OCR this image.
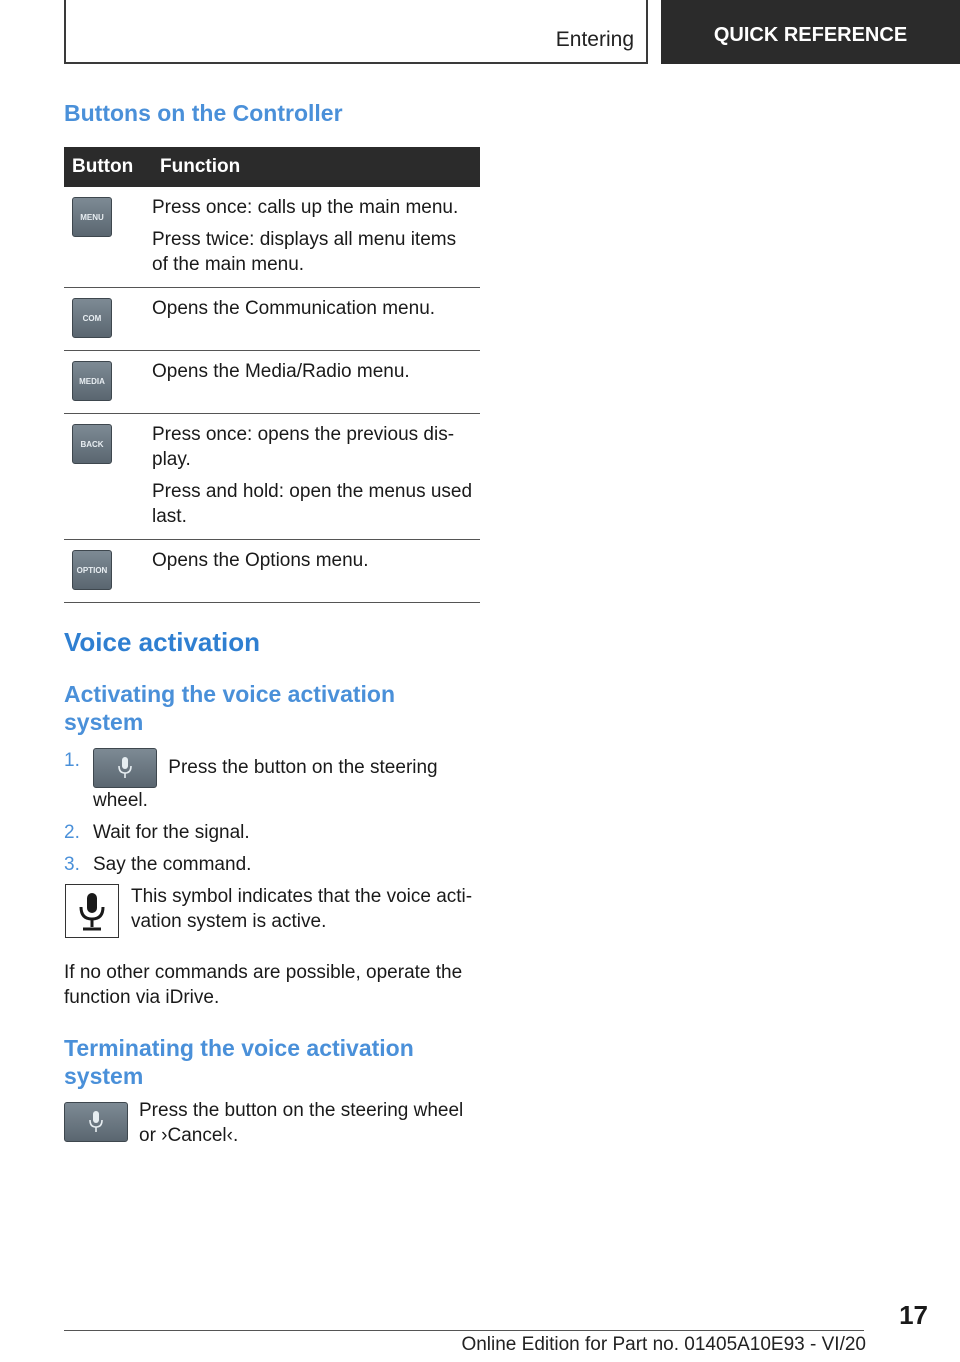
Entering	QUICK REFERENCE
Buttons on the Controller
Button	Function

MENU	Press once: calls up the main menu.
Press twice: displays all menu items of the main menu.

COM	Opens the Communication menu.

MEDIA	Opens the Media/Radio menu.

BACK	Press once: opens the previous dis-play.
Press and hold: open the menus used last.

OPTION	Opens the Options menu.
Voice activation
Activating the voice activation system
1.	Press the button on the steering wheel.
2. Wait for the signal.
3. Say the command.

This symbol indicates that the voice acti-vation system is active.

If no other commands are possible, operate the function via iDrive.

Terminating the voice activation system

Press the button on the steering wheel or ›Cancel‹.

17
Online Edition for Part no. 01405A10E93 - VI/20
